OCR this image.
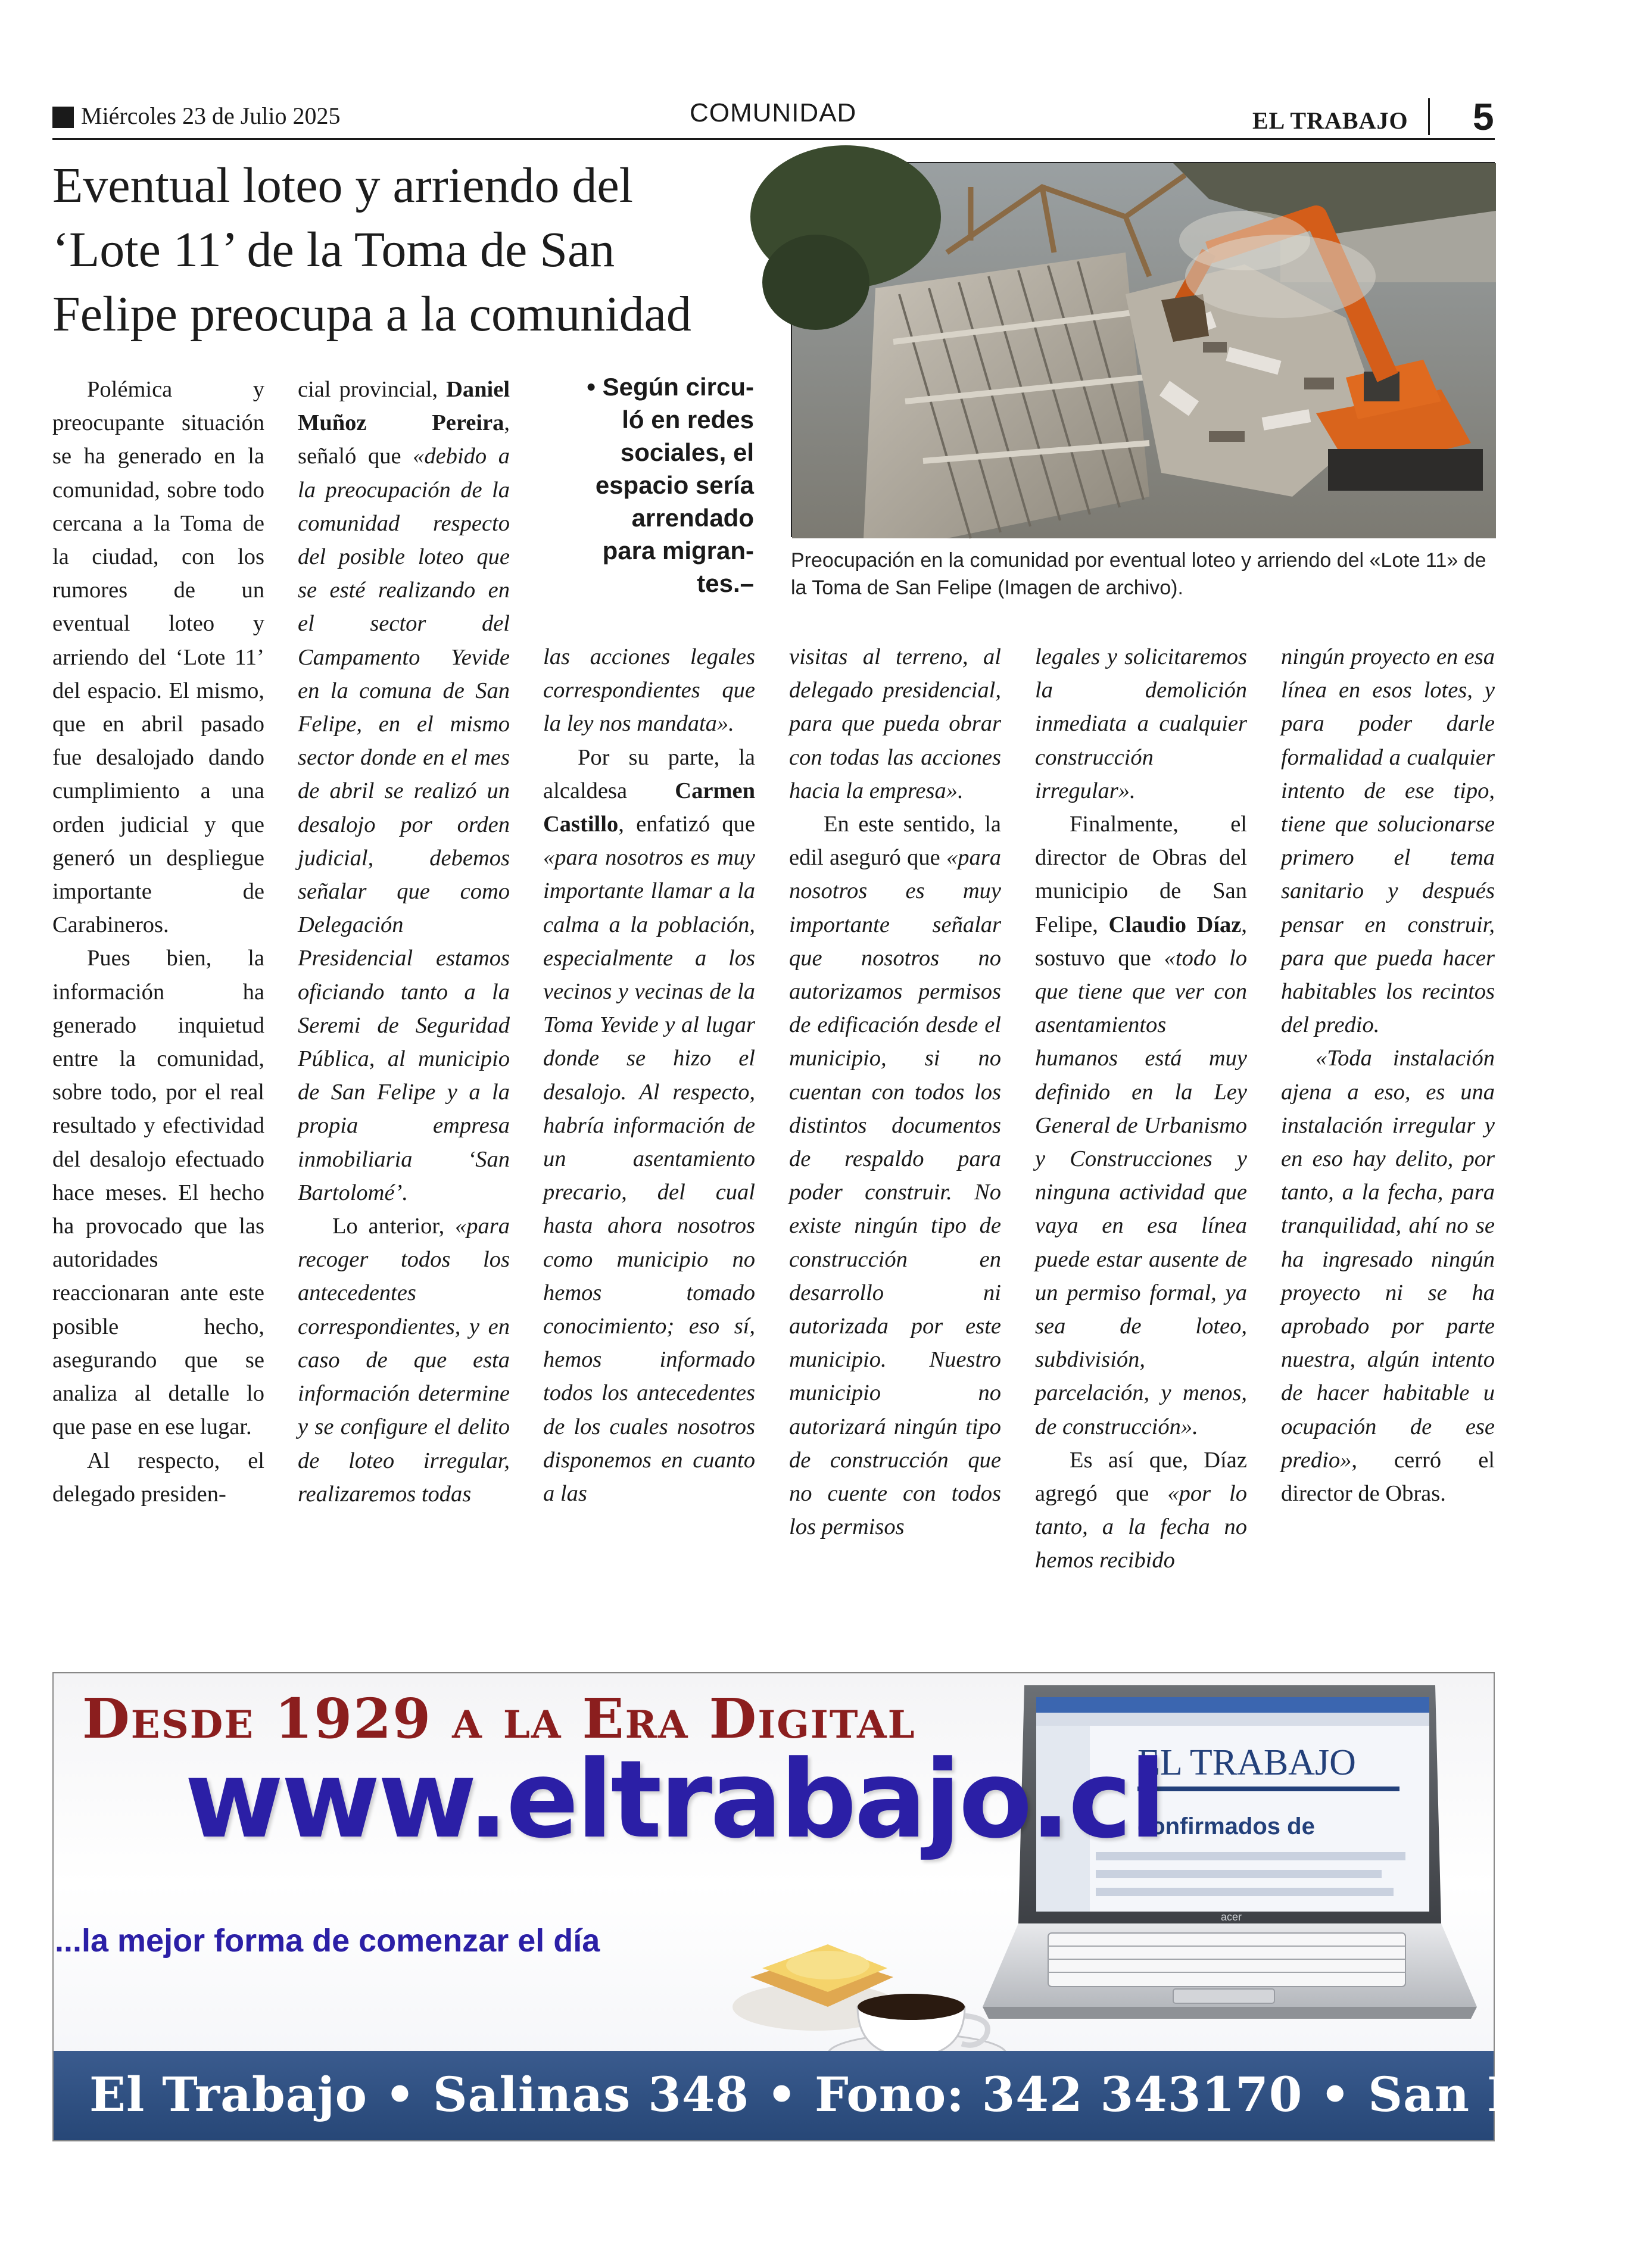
Miércoles 23 de Julio 2025	COMUNIDAD	EL TRABAJO 5
Eventual loteo y arriendo del
‘Lote 11’ de la Toma de San
Felipe preocupa a la comunidad
Preocupación en la comunidad por eventual loteo y arriendo del «Lote 11» de la Toma de San Felipe (Imagen de archivo).
• Según circu-
ló en redes
sociales, el
espacio sería
arrendado
para migran-
tes.–

Polémica y preocupante situación se ha generado en la comunidad, sobre todo cercana a la Toma de la ciudad, con los rumores de un eventual loteo y arriendo del ‘Lote 11’ del espacio. El mismo, que en abril pasado fue desalojado dando cumplimiento a una orden judicial y que generó un despliegue importante de Carabineros.

Pues bien, la información ha generado inquietud entre la comunidad, sobre todo, por el real resultado y efectividad del desalojo efectuado hace meses. El hecho ha provocado que las autoridades reaccionaran ante este posible hecho, asegurando que se analiza al detalle lo que pase en ese lugar.

Al respecto, el delegado presiden-

cial provincial, Daniel Muñoz Pereira, señaló que «debido a la preocupación de la comunidad respecto del posible loteo que se esté realizando en el sector del Campamento Yevide en la comuna de San Felipe, en el mismo sector donde en el mes de abril se realizó un desalojo por orden judicial, debemos señalar que como Delegación Presidencial estamos oficiando tanto a la Seremi de Seguridad Pública, al municipio de San Felipe y a la propia empresa inmobiliaria ‘San Bartolomé’.

Lo anterior, «para recoger todos los antecedentes correspondientes, y en caso de que esta información determine y se configure el delito de loteo irregular, realizaremos todas

las acciones legales correspondientes que la ley nos mandata».

Por su parte, la alcaldesa Carmen Castillo, enfatizó que «para nosotros es muy importante llamar a la calma a la población, especialmente a los vecinos y vecinas de la Toma Yevide y al lugar donde se hizo el desalojo. Al respecto, habría información de un asentamiento precario, del cual hasta ahora nosotros como municipio no hemos tomado conocimiento; eso sí, hemos informado todos los antecedentes de los cuales nosotros disponemos en cuanto a las

visitas al terreno, al delegado presidencial, para que pueda obrar con todas las acciones hacia la empresa».

En este sentido, la edil aseguró que «para nosotros es muy importante señalar que nosotros no autorizamos permisos de edificación desde el municipio, si no cuentan con todos los distintos documentos de respaldo para poder construir. No existe ningún tipo de construcción en desarrollo ni autorizada por este municipio. Nuestro municipio no autorizará ningún tipo de construcción que no cuente con todos los permisos

legales y solicitaremos la demolición inmediata a cualquier construcción irregular».

Finalmente, el director de Obras del municipio de San Felipe, Claudio Díaz, sostuvo que «todo lo que tiene que ver con asentamientos humanos está muy definido en la Ley General de Urbanismo y Construcciones y ninguna actividad que vaya en esa línea puede estar ausente de un permiso formal, ya sea de loteo, subdivisión, parcelación, y menos, de construcción».

Es así que, Díaz agregó que «por lo tanto, a la fecha no hemos recibido

ningún proyecto en esa línea en esos lotes, y para poder darle formalidad a cualquier intento de ese tipo, tiene que solucionarse primero el tema sanitario y después pensar en construir, para que pueda hacer habitables los recintos del predio.

«Toda instalación ajena a eso, es una instalación irregular y en eso hay delito, por tanto, a la fecha, para tranquilidad, ahí no se ha ingresado ningún proyecto ni se ha aprobado por parte nuestra, algún intento de hacer habitable u ocupación de ese predio», cerró el director de Obras.

EL TRABAJO
confirmados de
acer
Desde 1929 a la Era Digital
www.eltrabajo.cl
...la mejor forma de comenzar el día
El Trabajo • Salinas 348 • Fono: 342 343170 • San Felipe
